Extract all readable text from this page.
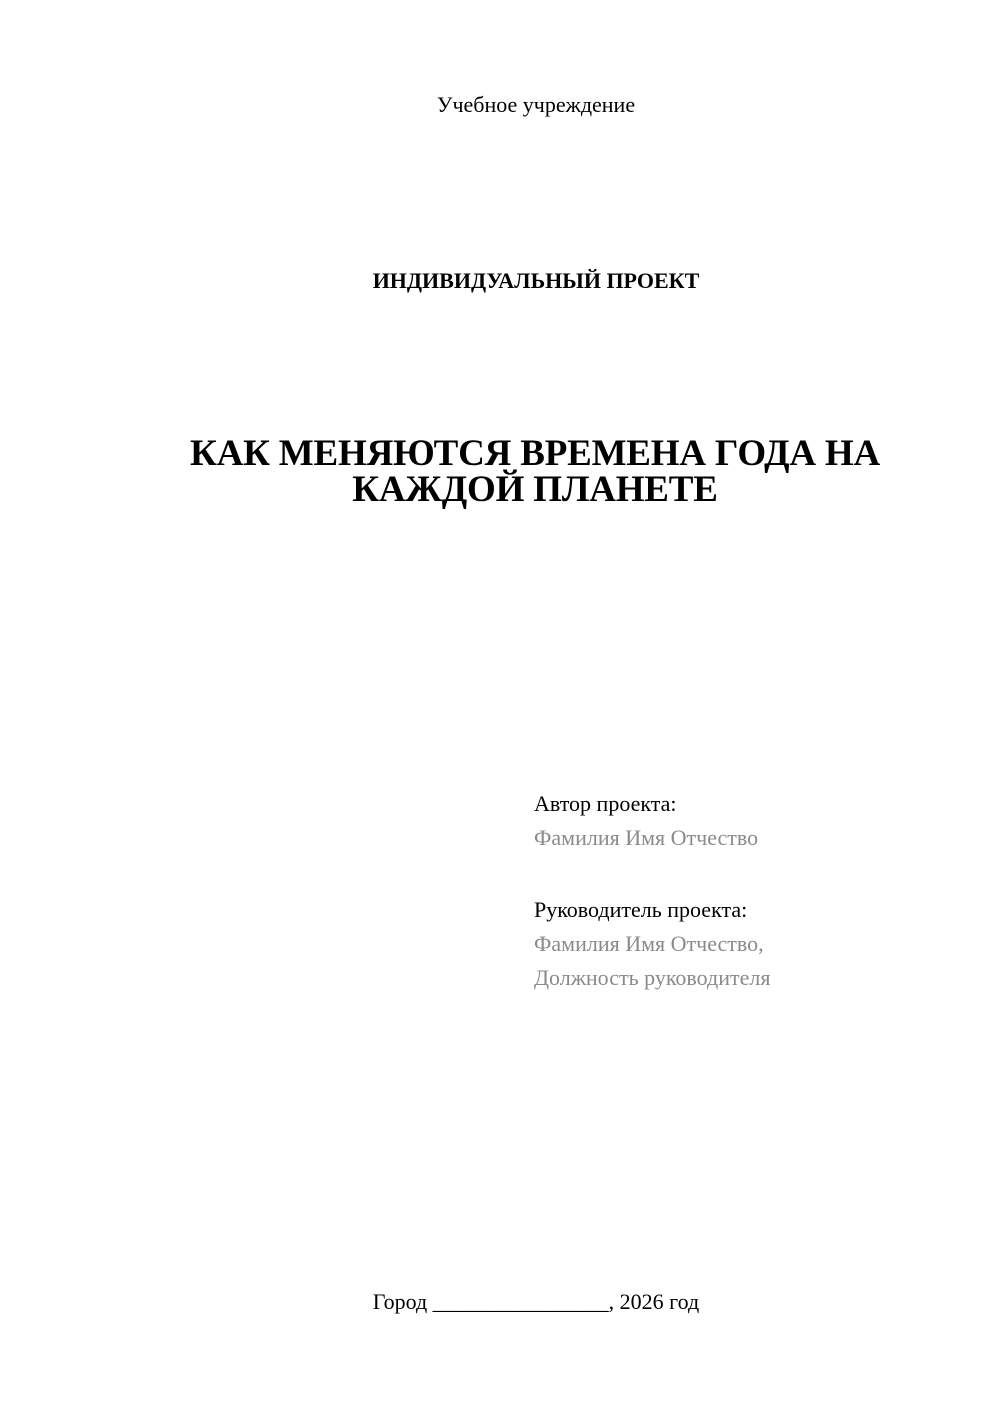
Учебное учреждение
ИНДИВИДУАЛЬНЫЙ ПРОЕКТ
КАК МЕНЯЮТСЯ ВРЕМЕНА ГОДА НА
КАЖДОЙ ПЛАНЕТЕ
Автор проекта:
Фамилия Имя Отчество
Руководитель проекта:
Фамилия Имя Отчество,
Должность руководителя
Город ________________, 2026 год
